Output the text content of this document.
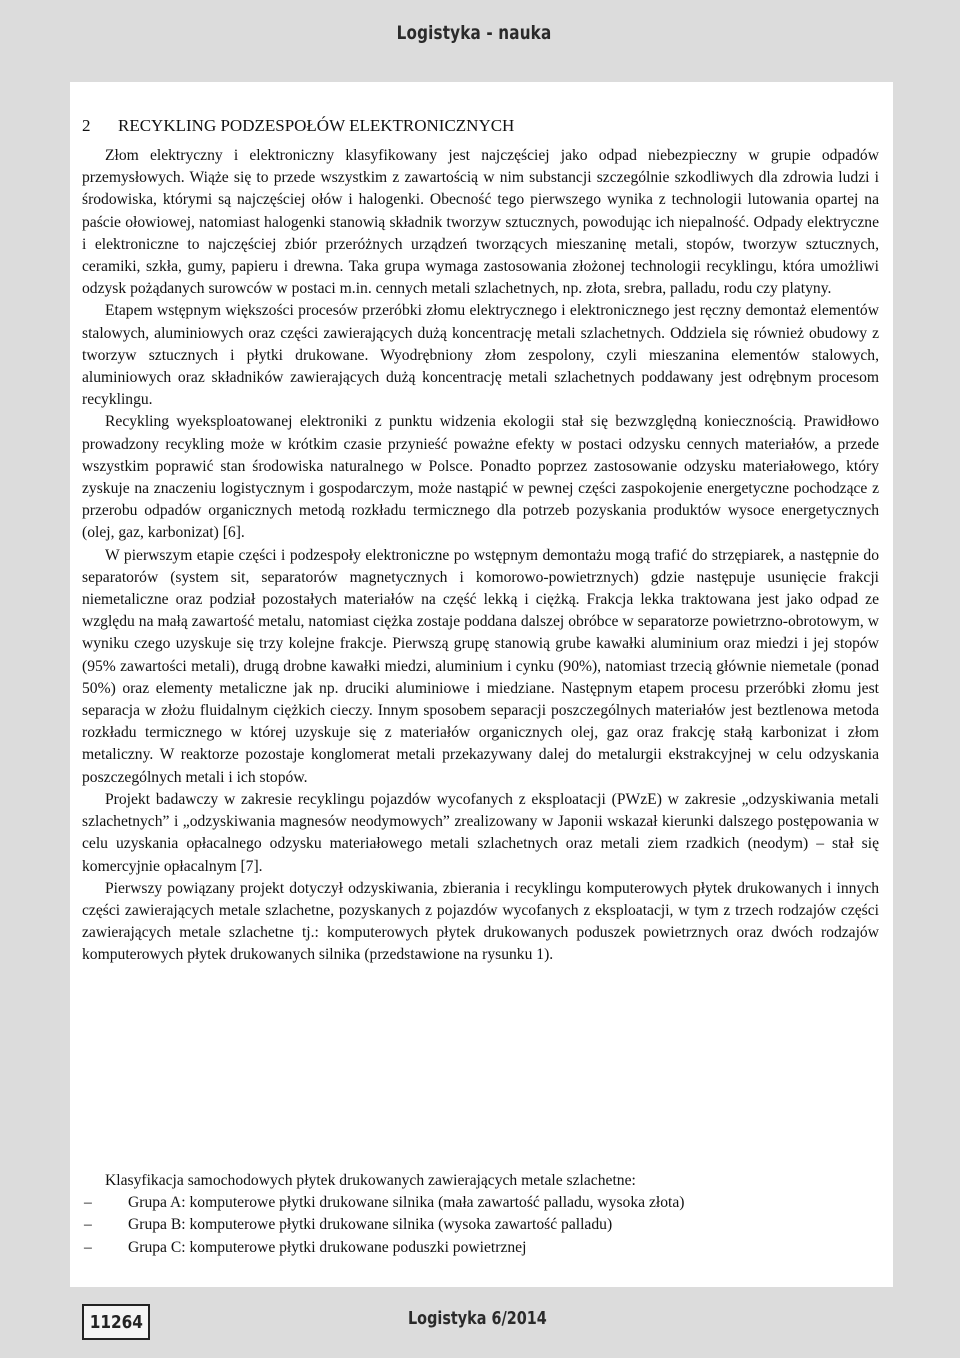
Logistyka - nauka
2 RECYKLING PODZESPOŁÓW ELEKTRONICZNYCH

Złom elektryczny i elektroniczny klasyfikowany jest najczęściej jako odpad niebezpieczny w grupie odpadów przemysłowych. Wiąże się to przede wszystkim z zawartością w nim substancji szczególnie szkodliwych dla zdrowia ludzi i środowiska, którymi są najczęściej ołów i halogenki. Obecność tego pierwszego wynika z technologii lutowania opartej na paście ołowiowej, natomiast halogenki stanowią składnik tworzyw sztucznych, powodując ich niepalność. Odpady elektryczne i elektroniczne to najczęściej zbiór przeróżnych urządzeń tworzących mieszaninę metali, stopów, tworzyw sztucznych, ceramiki, szkła, gumy, papieru i drewna. Taka grupa wymaga zastosowania złożonej technologii recyklingu, która umożliwi odzysk pożądanych surowców w postaci m.in. cennych metali szlachetnych, np. złota, srebra, palladu, rodu czy platyny.

Etapem wstępnym większości procesów przeróbki złomu elektrycznego i elektronicznego jest ręczny demontaż elementów stalowych, aluminiowych oraz części zawierających dużą koncentrację metali szlachetnych. Oddziela się również obudowy z tworzyw sztucznych i płytki drukowane. Wyodrębniony złom zespolony, czyli mieszanina elementów stalowych, aluminiowych oraz składników zawierających dużą koncentrację metali szlachetnych poddawany jest odrębnym procesom recyklingu.

Recykling wyeksploatowanej elektroniki z punktu widzenia ekologii stał się bezwzględną koniecznością. Prawidłowo prowadzony recykling może w krótkim czasie przynieść poważne efekty w postaci odzysku cennych materiałów, a przede wszystkim poprawić stan środowiska naturalnego w Polsce. Ponadto poprzez zastosowanie odzysku materiałowego, który zyskuje na znaczeniu logistycznym i gospodarczym, może nastąpić w pewnej części zaspokojenie energetyczne pochodzące z przerobu odpadów organicznych metodą rozkładu termicznego dla potrzeb pozyskania produktów wysoce energetycznych (olej, gaz, karbonizat) [6].

W pierwszym etapie części i podzespoły elektroniczne po wstępnym demontażu mogą trafić do strzępiarek, a następnie do separatorów (system sit, separatorów magnetycznych i komorowo-powietrznych) gdzie następuje usunięcie frakcji niemetaliczne oraz podział pozostałych materiałów na część lekką i ciężką. Frakcja lekka traktowana jest jako odpad ze względu na małą zawartość metalu, natomiast ciężka zostaje poddana dalszej obróbce w separatorze powietrzno-obrotowym, w wyniku czego uzyskuje się trzy kolejne frakcje. Pierwszą grupę stanowią grube kawałki aluminium oraz miedzi i jej stopów (95% zawartości metali), drugą drobne kawałki miedzi, aluminium i cynku (90%), natomiast trzecią głównie niemetale (ponad 50%) oraz elementy metaliczne jak np. druciki aluminiowe i miedziane. Następnym etapem procesu przeróbki złomu jest separacja w złożu fluidalnym ciężkich cieczy. Innym sposobem separacji poszczególnych materiałów jest beztlenowa metoda rozkładu termicznego w której uzyskuje się z materiałów organicznych olej, gaz oraz frakcję stałą karbonizat i złom metaliczny. W reaktorze pozostaje konglomerat metali przekazywany dalej do metalurgii ekstrakcyjnej w celu odzyskania poszczególnych metali i ich stopów.

Projekt badawczy w zakresie recyklingu pojazdów wycofanych z eksploatacji (PWzE) w zakresie „odzyskiwania metali szlachetnych” i „odzyskiwania magnesów neodymowych” zrealizowany w Japonii wskazał kierunki dalszego postępowania w celu uzyskania opłacalnego odzysku materiałowego metali szlachetnych oraz metali ziem rzadkich (neodym) – stał się komercyjnie opłacalnym [7].

Pierwszy powiązany projekt dotyczył odzyskiwania, zbierania i recyklingu komputerowych płytek drukowanych i innych części zawierających metale szlachetne, pozyskanych z pojazdów wycofanych z eksploatacji, w tym z trzech rodzajów części zawierających metale szlachetne tj.: komputerowych płytek drukowanych poduszek powietrznych oraz dwóch rodzajów komputerowych płytek drukowanych silnika (przedstawione na rysunku 1).

Klasyfikacja samochodowych płytek drukowanych zawierających metale szlachetne:

– Grupa A: komputerowe płytki drukowane silnika (mała zawartość palladu, wysoka złota)
– Grupa B: komputerowe płytki drukowane silnika (wysoka zawartość palladu)
– Grupa C: komputerowe płytki drukowane poduszki powietrznej
11264	Logistyka 6/2014
